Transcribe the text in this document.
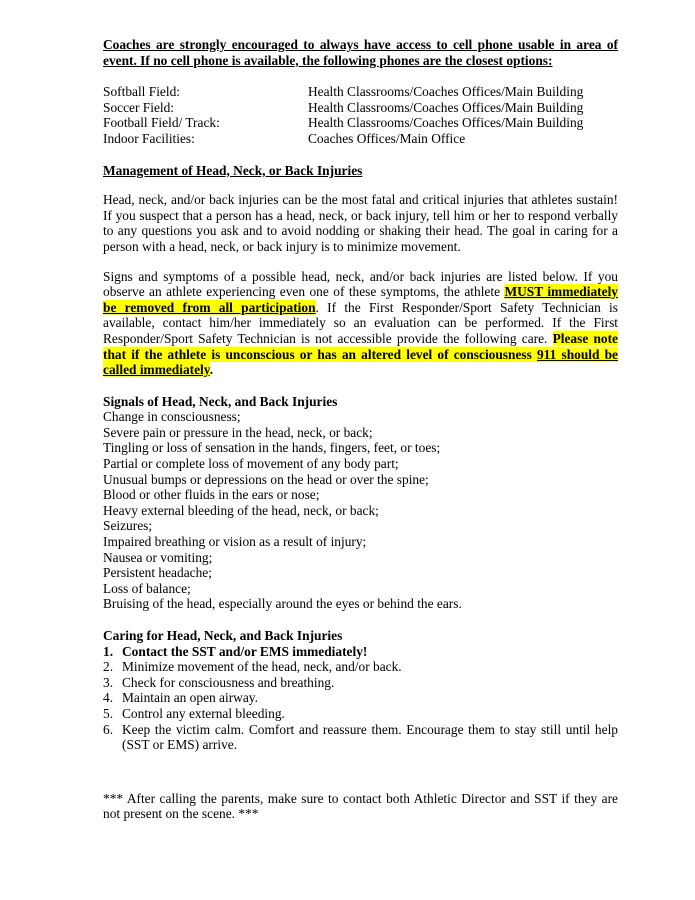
Coaches are strongly encouraged to always have access to cell phone usable in area of event. If no cell phone is available, the following phones are the closest options:

Softball Field:	Health Classrooms/Coaches Offices/Main Building
Soccer Field:	Health Classrooms/Coaches Offices/Main Building
Football Field/ Track:	Health Classrooms/Coaches Offices/Main Building
Indoor Facilities:	Coaches Offices/Main Office

Management of Head, Neck, or Back Injuries

Head, neck, and/or back injuries can be the most fatal and critical injuries that athletes sustain! If you suspect that a person has a head, neck, or back injury, tell him or her to respond verbally to any questions you ask and to avoid nodding or shaking their head. The goal in caring for a person with a head, neck, or back injury is to minimize movement.

Signs and symptoms of a possible head, neck, and/or back injuries are listed below. If you observe an athlete experiencing even one of these symptoms, the athlete MUST immediately be removed from all participation. If the First Responder/Sport Safety Technician is available, contact him/her immediately so an evaluation can be performed. If the First Responder/Sport Safety Technician is not accessible provide the following care. Please note that if the athlete is unconscious or has an altered level of consciousness 911 should be called immediately.

Signals of Head, Neck, and Back Injuries

Change in consciousness;

Severe pain or pressure in the head, neck, or back;

Tingling or loss of sensation in the hands, fingers, feet, or toes;

Partial or complete loss of movement of any body part;

Unusual bumps or depressions on the head or over the spine;

Blood or other fluids in the ears or nose;

Heavy external bleeding of the head, neck, or back;

Seizures;

Impaired breathing or vision as a result of injury;

Nausea or vomiting;

Persistent headache;

Loss of balance;

Bruising of the head, especially around the eyes or behind the ears.

Caring for Head, Neck, and Back Injuries

1. Contact the SST and/or EMS immediately!
2. Minimize movement of the head, neck, and/or back.
3. Check for consciousness and breathing.
4. Maintain an open airway.
5. Control any external bleeding.
6. Keep the victim calm. Comfort and reassure them. Encourage them to stay still until help (SST or EMS) arrive.

*** After calling the parents, make sure to contact both Athletic Director and SST if they are not present on the scene. ***
